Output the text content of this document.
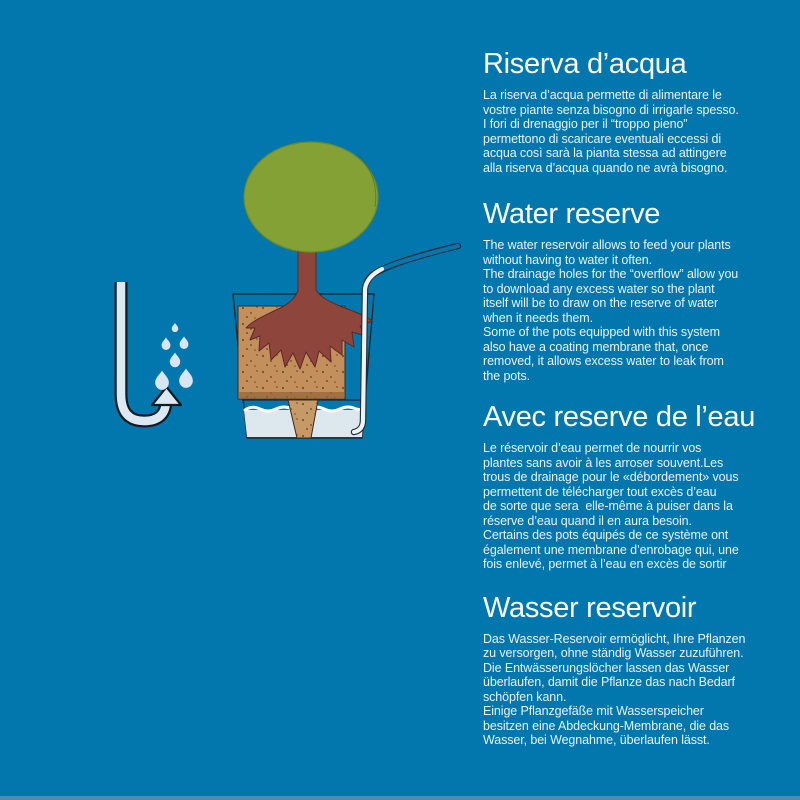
Riserva d’acqua
La riserva d’acqua permette di alimentare le
vostre piante senza bisogno di irrigarle spesso.
I fori di drenaggio per il “troppo pieno”
permettono di scaricare eventuali eccessi di
acqua così sarà la pianta stessa ad attingere
alla riserva d’acqua quando ne avrà bisogno.
Water reserve
The water reservoir allows to feed your plants
without having to water it often.
The drainage holes for the “overflow” allow you
to download any excess water so the plant
itself will be to draw on the reserve of water
when it needs them.
Some of the pots equipped with this system
also have a coating membrane that, once
removed, it allows excess water to leak from
the pots.
Avec reserve de l’eau
Le réservoir d’eau permet de nourrir vos
plantes sans avoir à les arroser souvent.Les
trous de drainage pour le «débordement» vous
permettent de télécharger tout excès d’eau
de sorte que sera  elle-même à puiser dans la
réserve d’eau quand il en aura besoin.
Certains des pots équipés de ce système ont
également une membrane d’enrobage qui, une
fois enlevé, permet à l’eau en excès de sortir
Wasser reservoir
Das Wasser-Reservoir ermöglicht, Ihre Pflanzen
zu versorgen, ohne ständig Wasser zuzuführen.
Die Entwässerungslöcher lassen das Wasser
überlaufen, damit die Pflanze das nach Bedarf
schöpfen kann.
Einige Pflanzgefäße mit Wasserspeicher
besitzen eine Abdeckung-Membrane, die das
Wasser, bei Wegnahme, überlaufen lässt.
